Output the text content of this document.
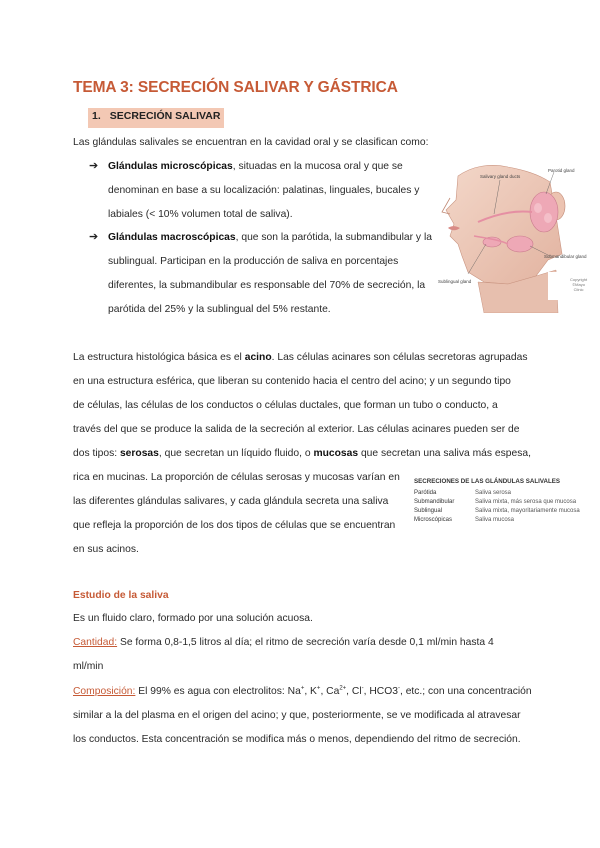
TEMA 3: SECRECIÓN SALIVAR Y GÁSTRICA
1. SECRECIÓN SALIVAR
Las glándulas salivales se encuentran en la cavidad oral y se clasifican como:
➔ Glándulas microscópicas, situadas en la mucosa oral y que se
denominan en base a su localización: palatinas, linguales, bucales y
labiales (< 10% volumen total de saliva).
➔ Glándulas macroscópicas, que son la parótida, la submandibular y la
sublingual. Participan en la producción de saliva en porcentajes
diferentes, la submandibular es responsable del 70% de secreción, la
parótida del 25% y la sublingual del 5% restante.
Salivary gland ducts
Parotid gland
Submandibular gland
Sublingual gland	Copyright
©Mayo
Clinic
La estructura histológica básica es el acino. Las células acinares son células secretoras agrupadas
en una estructura esférica, que liberan su contenido hacia el centro del acino; y un segundo tipo
de células, las células de los conductos o células ductales, que forman un tubo o conducto, a
través del que se produce la salida de la secreción al exterior. Las células acinares pueden ser de
dos tipos: serosas, que secretan un líquido fluido, o mucosas que secretan una saliva más espesa,
rica en mucinas. La proporción de células serosas y mucosas varían en
las diferentes glándulas salivares, y cada glándula secreta una saliva
que refleja la proporción de los dos tipos de células que se encuentran
en sus acinos.
SECRECIONES DE LAS GLÁNDULAS SALIVALES
Parótida	Saliva serosa
Submandibular	Saliva mixta, más serosa que mucosa
Sublingual	Saliva mixta, mayoritariamente mucosa
Microscópicas	Saliva mucosa
Estudio de la saliva
Es un fluido claro, formado por una solución acuosa.
Cantidad: Se forma 0,8-1,5 litros al día; el ritmo de secreción varía desde 0,1 ml/min hasta 4
ml/min
Composición: El 99% es agua con electrolitos: Na+, K+, $Ca^{2+}$, Cl-, HCO3-, etc.; con una concentración
similar a la del plasma en el origen del acino; y que, posteriormente, se ve modificada al atravesar
los conductos. Esta concentración se modifica más o menos, dependiendo del ritmo de secreción.
